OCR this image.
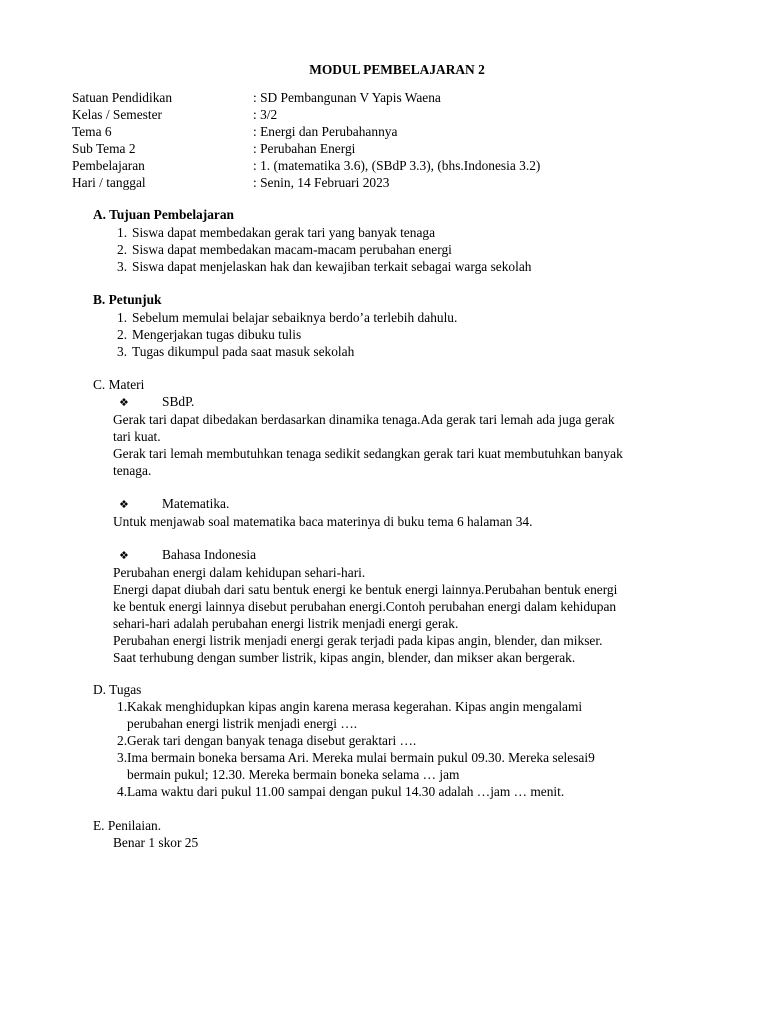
MODUL PEMBELAJARAN 2
Satuan Pendidikan	: SD Pembangunan V Yapis Waena
Kelas / Semester	: 3/2
Tema 6	: Energi dan Perubahannya
Sub Tema 2	: Perubahan Energi
Pembelajaran	: 1. (matematika 3.6), (SBdP 3.3), (bhs.Indonesia 3.2)
Hari / tanggal	: Senin, 14 Februari 2023
A. Tujuan Pembelajaran
1. Siswa dapat membedakan gerak tari yang banyak tenaga
2. Siswa dapat membedakan macam-macam perubahan energi
3. Siswa dapat menjelaskan hak dan kewajiban terkait sebagai warga sekolah
B. Petunjuk
1. Sebelum memulai belajar sebaiknya berdo’a terlebih dahulu.
2. Mengerjakan tugas dibuku tulis
3. Tugas dikumpul pada saat masuk sekolah
C. Materi
❖ SBdP.
Gerak tari dapat dibedakan berdasarkan dinamika tenaga.Ada gerak tari lemah ada juga gerak
tari kuat.
Gerak tari lemah membutuhkan tenaga sedikit sedangkan gerak tari kuat membutuhkan banyak
tenaga.
❖ Matematika.
Untuk menjawab soal matematika baca materinya di buku tema 6 halaman 34.
❖ Bahasa Indonesia
Perubahan energi dalam kehidupan sehari-hari.
Energi dapat diubah dari satu bentuk energi ke bentuk energi lainnya.Perubahan bentuk energi
ke bentuk energi lainnya disebut perubahan energi.Contoh perubahan energi dalam kehidupan
sehari-hari adalah perubahan energi listrik menjadi energi gerak.
Perubahan energi listrik menjadi energi gerak terjadi pada kipas angin, blender, dan mikser.
Saat terhubung dengan sumber listrik, kipas angin, blender, dan mikser akan bergerak.
D. Tugas
1. Kakak menghidupkan kipas angin karena merasa kegerahan. Kipas angin mengalami
perubahan energi listrik menjadi energi ….
2. Gerak tari dengan banyak tenaga disebut geraktari ….
3. Ima bermain boneka bersama Ari. Mereka mulai bermain pukul 09.30. Mereka selesai9
bermain pukul; 12.30. Mereka bermain boneka selama … jam
4. Lama waktu dari pukul 11.00 sampai dengan pukul 14.30 adalah …jam … menit.
E. Penilaian.
Benar 1 skor 25
